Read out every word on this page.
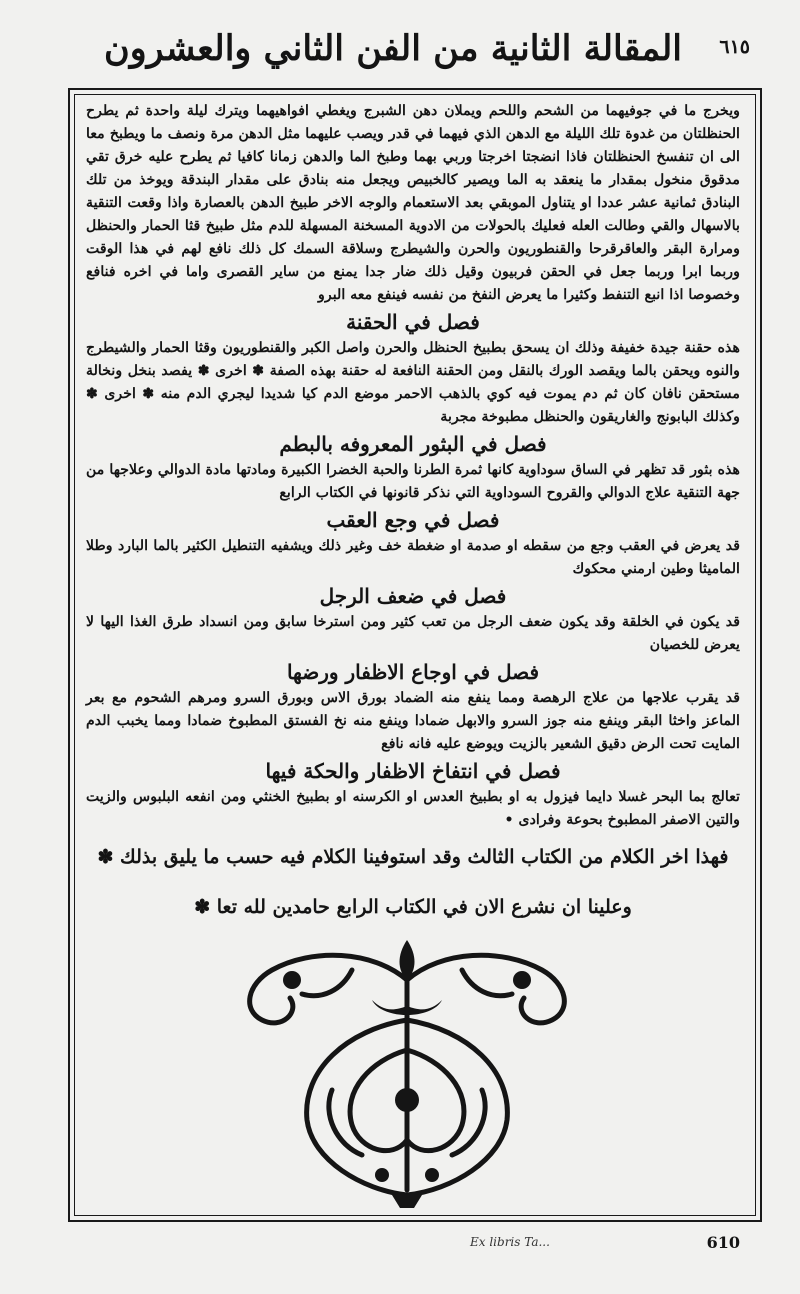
المقالة الثانية من الفن الثاني والعشرون ٦١٥

ويخرج ما في جوفيهما من الشحم واللحم ويملان دهن الشبرج ويغطي افواهيهما ويترك ليلة واحدة ثم يطرح الحنظلتان من غدوة تلك الليلة مع الدهن الذي فيهما في قدر ويصب عليهما مثل الدهن مرة ونصف ما ويطبخ معا الى ان تنفسخ الحنظلتان فاذا انضجتا اخرجتا وربي بهما وطبخ الما والدهن زمانا كافيا ثم يطرح عليه خرق تقي مدقوق منخول بمقدار ما ينعقد به الما ويصير كالخبيص ويجعل منه بنادق على مقدار البندقة ويوخذ من تلك البنادق ثمانية عشر عددا او يتناول الموبقي بعد الاستعمام والوجه الاخر طبيخ الدهن بالعصارة واذا وقعت التنقية بالاسهال والقي وطالت العله فعليك بالحولات من الادوية المسخنة المسهلة للدم مثل طبيخ قثا الحمار والحنظل ومرارة البقر والعاقرقرحا والقنطوريون والحرن والشيطرج وسلاقة السمك كل ذلك نافع لهم في هذا الوقت وربما ابرا وربما جعل في الحقن فربيون وقيل ذلك ضار جدا يمنع من ساير القصرى واما في اخره فنافع وخصوصا اذا انبع التنفط وكثيرا ما يعرض النفخ من نفسه فينفع معه البرو

فصل في الحقنة

هذه حقنة جيدة خفيفة وذلك ان يسحق بطبيخ الحنظل والحرن واصل الكبر والقنطوريون وقثا الحمار والشيطرج والنوه ويحقن بالما ويقصد الورك بالنقل ومن الحقنة النافعة له حقنة بهذه الصفة ✽ اخرى ✽ يفصد بنخل ونخالة مستحقن نافان كان ثم دم يموت فيه كوي بالذهب الاحمر موضع الدم كيا شديدا ليجري الدم منه ✽ اخرى ✽ وكذلك البابونج والغاريقون والحنظل مطبوخة مجربة

فصل في البثور المعروفه بالبطم

هذه بثور قد تظهر في الساق سوداوية كانها ثمرة الطرنا والحبة الخضرا الكبيرة ومادتها مادة الدوالي وعلاجها من جهة التنقية علاج الدوالي والقروح السوداوية التي نذكر قانونها في الكتاب الرابع

فصل في وجع العقب

قد يعرض في العقب وجع من سقطه او صدمة او ضغطة خف وغير ذلك ويشفيه التنطيل الكثير بالما البارد وطلا الماميثا وطين ارمني محكوك

فصل في ضعف الرجل

قد يكون في الخلقة وقد يكون ضعف الرجل من تعب كثير ومن استرخا سابق ومن انسداد طرق الغذا اليها لا يعرض للخصيان

فصل في اوجاع الاظفار ورضها

قد يقرب علاجها من علاج الرهصة ومما ينفع منه الضماد بورق الاس وبورق السرو ومرهم الشحوم مع بعر الماعز واخثا البقر وينفع منه جوز السرو والابهل ضمادا وينفع منه نخ الفستق المطبوخ ضمادا ومما يخبب الدم المايت تحت الرض دقيق الشعير بالزيت ويوضع عليه فانه نافع

فصل في انتفاخ الاظفار والحكة فيها

تعالج بما البحر غسلا دايما فيزول به او بطبيخ العدس او الكرسنه او بطبيخ الخنثي ومن انفعه البلبوس والزيت والتين الاصفر المطبوخ بحوعة وفرادى •

فهذا اخر الكلام من الكتاب الثالث وقد استوفينا الكلام فيه حسب ما يليق بذلك ✽

وعلينا ان نشرع الان في الكتاب الرابع حامدين لله تعا ✽

Ex libris Ta...	610
